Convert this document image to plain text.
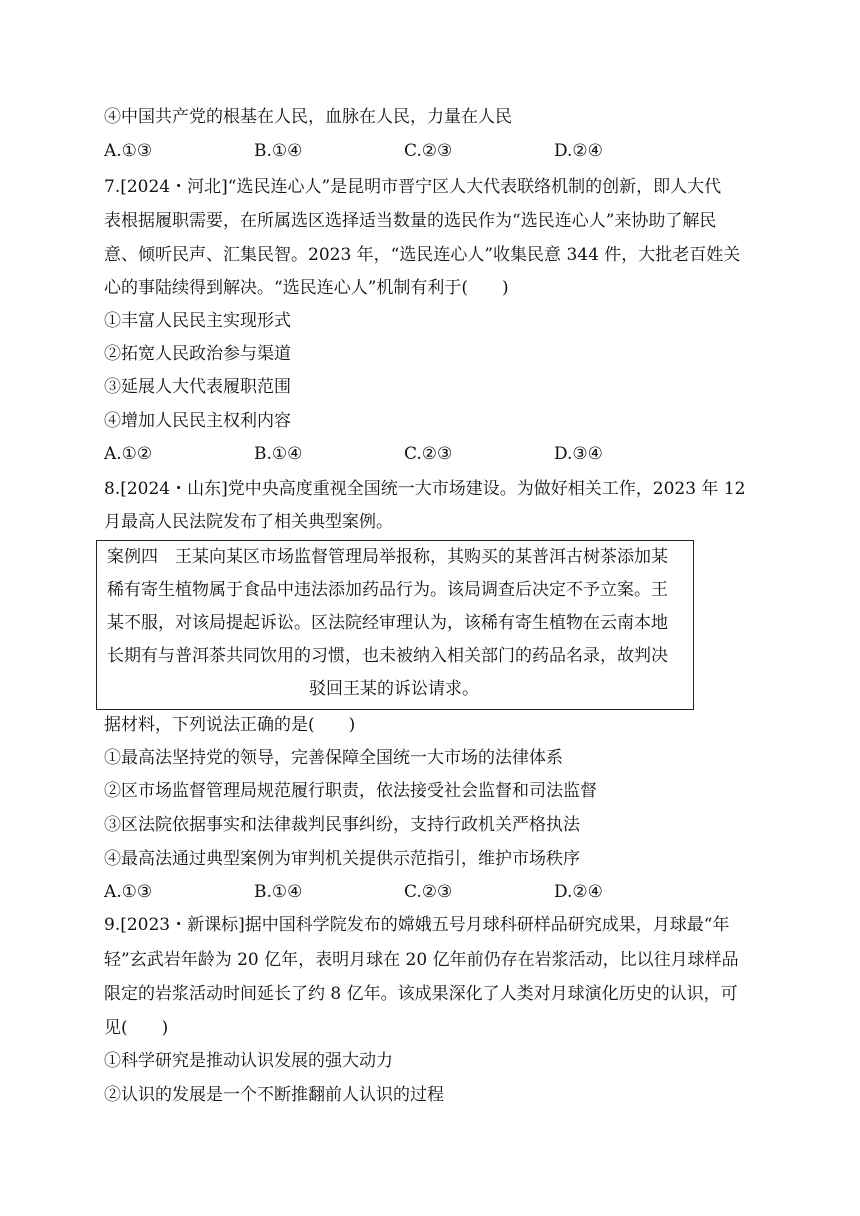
④中国共产党的根基在人民，血脉在人民，力量在人民
A.①③	B.①④	C.②③	D.②④
7.[2024・河北]“选民连心人”是昆明市晋宁区人大代表联络机制的创新，即人大代
表根据履职需要，在所属选区选择适当数量的选民作为“选民连心人”来协助了解民
意、倾听民声、汇集民智。2023 年，“选民连心人”收集民意 344 件，大批老百姓关
心的事陆续得到解决。“选民连心人”机制有利于(　　)
①丰富人民民主实现形式
②拓宽人民政治参与渠道
③延展人大代表履职范围
④增加人民民主权利内容
A.①②	B.①④	C.②③	D.③④
8.[2024・山东]党中央高度重视全国统一大市场建设。为做好相关工作，2023 年 12
月最高人民法院发布了相关典型案例。
案例四　王某向某区市场监督管理局举报称，其购买的某普洱古树茶添加某
稀有寄生植物属于食品中违法添加药品行为。该局调查后决定不予立案。王
某不服，对该局提起诉讼。区法院经审理认为，该稀有寄生植物在云南本地
长期有与普洱茶共同饮用的习惯，也未被纳入相关部门的药品名录，故判决
驳回王某的诉讼请求。
据材料，下列说法正确的是(　　)
①最高法坚持党的领导，完善保障全国统一大市场的法律体系
②区市场监督管理局规范履行职责，依法接受社会监督和司法监督
③区法院依据事实和法律裁判民事纠纷，支持行政机关严格执法
④最高法通过典型案例为审判机关提供示范指引，维护市场秩序
A.①③	B.①④	C.②③	D.②④
9.[2023・新课标]据中国科学院发布的嫦娥五号月球科研样品研究成果，月球最“年
轻”玄武岩年龄为 20 亿年，表明月球在 20 亿年前仍存在岩浆活动，比以往月球样品
限定的岩浆活动时间延长了约 8 亿年。该成果深化了人类对月球演化历史的认识，可
见(　　)
①科学研究是推动认识发展的强大动力
②认识的发展是一个不断推翻前人认识的过程
